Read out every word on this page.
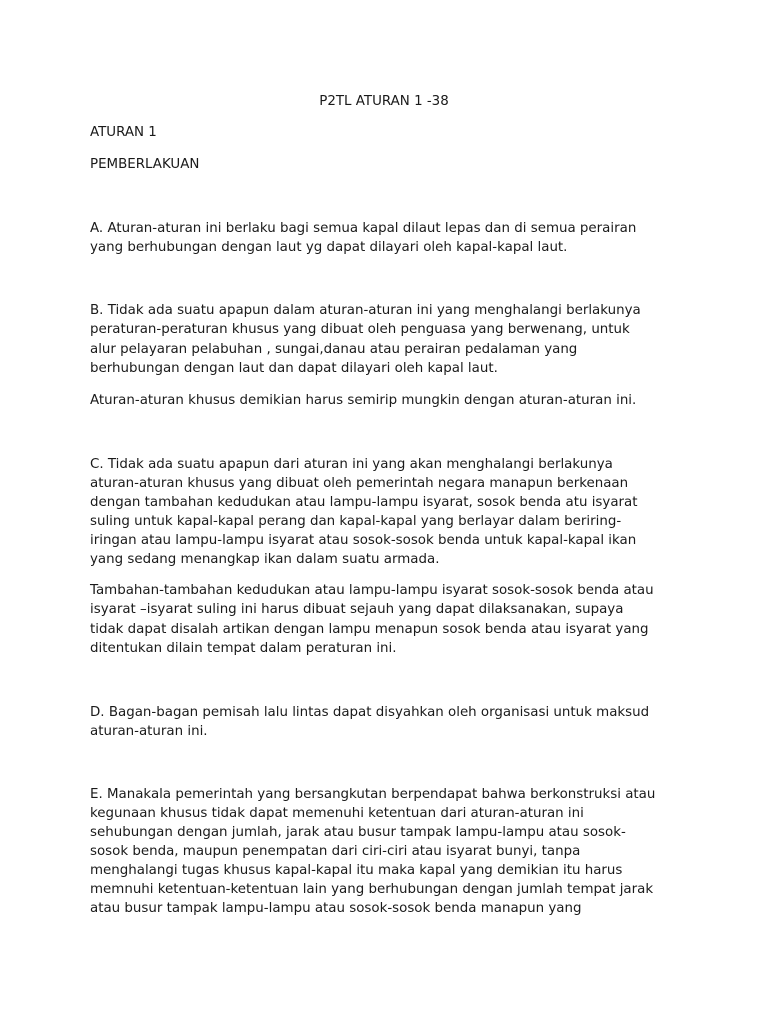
P2TL ATURAN 1 -38
ATURAN 1
PEMBERLAKUAN
A. Aturan-aturan ini berlaku bagi semua kapal dilaut lepas dan di semua perairan
yang berhubungan dengan laut yg dapat dilayari oleh kapal-kapal laut.
B. Tidak ada suatu apapun dalam aturan-aturan ini yang menghalangi berlakunya
peraturan-peraturan khusus yang dibuat oleh penguasa yang berwenang, untuk
alur pelayaran pelabuhan , sungai,danau atau perairan pedalaman yang
berhubungan dengan laut dan dapat dilayari oleh kapal laut.
Aturan-aturan khusus demikian harus semirip mungkin dengan aturan-aturan ini.
C. Tidak ada suatu apapun dari aturan ini yang akan menghalangi berlakunya
aturan-aturan khusus yang dibuat oleh pemerintah negara manapun berkenaan
dengan tambahan kedudukan atau lampu-lampu isyarat, sosok benda atu isyarat
suling untuk kapal-kapal perang dan kapal-kapal yang berlayar dalam beriring-
iringan atau lampu-lampu isyarat atau sosok-sosok benda untuk kapal-kapal ikan
yang sedang menangkap ikan dalam suatu armada.
Tambahan-tambahan kedudukan atau lampu-lampu isyarat sosok-sosok benda atau
isyarat –isyarat suling ini harus dibuat sejauh yang dapat dilaksanakan, supaya
tidak dapat disalah artikan dengan lampu menapun sosok benda atau isyarat yang
ditentukan dilain tempat dalam peraturan ini.
D. Bagan-bagan pemisah lalu lintas dapat disyahkan oleh organisasi untuk maksud
aturan-aturan ini.
E. Manakala pemerintah yang bersangkutan berpendapat bahwa berkonstruksi atau
kegunaan khusus tidak dapat memenuhi ketentuan dari aturan-aturan ini
sehubungan dengan jumlah, jarak atau busur tampak lampu-lampu atau sosok-
sosok benda, maupun penempatan dari ciri-ciri atau isyarat bunyi, tanpa
menghalangi tugas khusus kapal-kapal itu maka kapal yang demikian itu harus
memnuhi ketentuan-ketentuan lain yang berhubungan dengan jumlah tempat jarak
atau busur tampak lampu-lampu atau sosok-sosok benda manapun yang
